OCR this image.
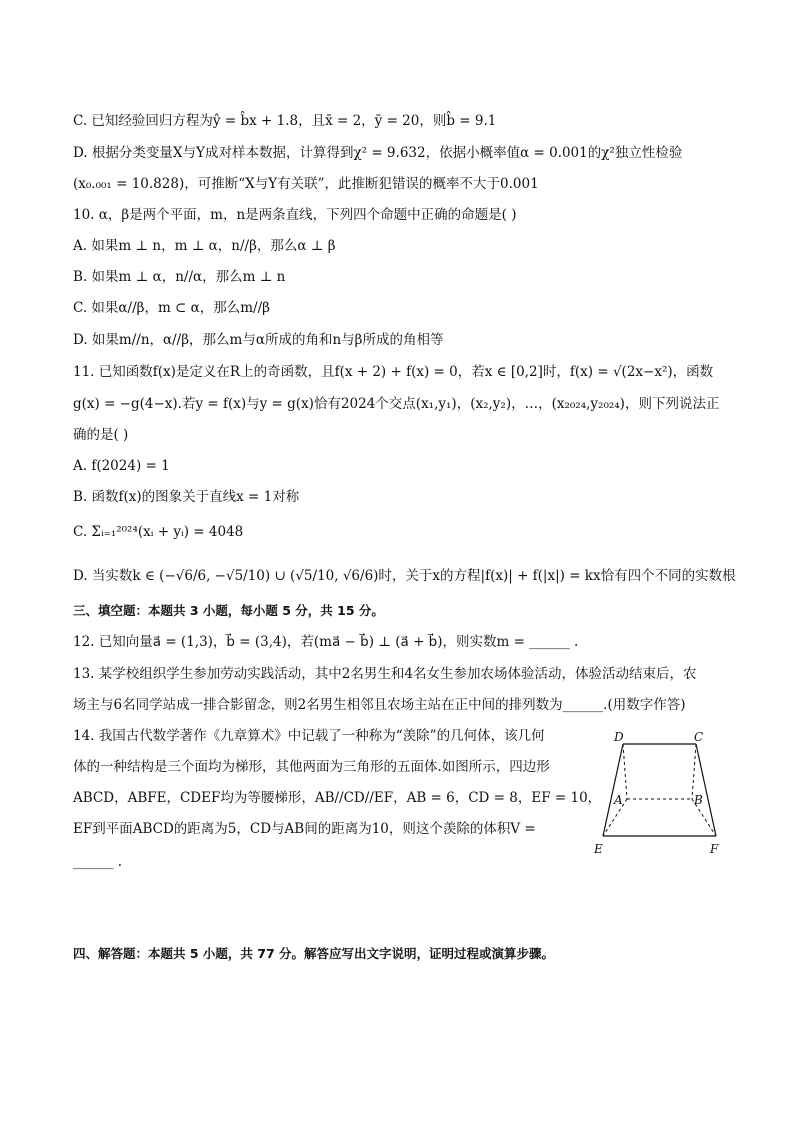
C. 已知经验回归方程为ŷ = b̂x + 1.8，且x̄ = 2，ȳ = 20，则b̂ = 9.1
D. 根据分类变量X与Y成对样本数据，计算得到χ² = 9.632，依据小概率值α = 0.001的χ²独立性检验
(x₀.₀₀₁ = 10.828)，可推断“X与Y有关联”，此推断犯错误的概率不大于0.001
10. α，β是两个平面，m，n是两条直线，下列四个命题中正确的命题是( )
A. 如果m ⊥ n，m ⊥ α，n//β，那么α ⊥ β
B. 如果m ⊥ α，n//α，那么m ⊥ n
C. 如果α//β，m ⊂ α，那么m//β
D. 如果m//n，α//β，那么m与α所成的角和n与β所成的角相等
11. 已知函数f(x)是定义在R上的奇函数，且f(x + 2) + f(x) = 0，若x ∈ [0,2]时，f(x) = √(2x−x²)，函数
g(x) = −g(4−x).若y = f(x)与y = g(x)恰有2024个交点(x₁,y₁)，(x₂,y₂)，…，(x₂₀₂₄,y₂₀₂₄)，则下列说法正
确的是( )
A. f(2024) = 1
B. 函数f(x)的图象关于直线x = 1对称
C. Σᵢ₌₁²⁰²⁴(xᵢ + yᵢ) = 4048
D. 当实数k ∈ (−√6/6, −√5/10) ∪ (√5/10, √6/6)时，关于x的方程|f(x)| + f(|x|) = kx恰有四个不同的实数根
三、填空题：本题共 3 小题，每小题 5 分，共 15 分。
12. 已知向量a⃗ = (1,3)，b⃗ = (3,4)，若(ma⃗ − b⃗) ⊥ (a⃗ + b⃗)，则实数m = ______ .
13. 某学校组织学生参加劳动实践活动，其中2名男生和4名女生参加农场体验活动，体验活动结束后，农
场主与6名同学站成一排合影留念，则2名男生相邻且农场主站在正中间的排列数为______.(用数字作答)
14. 我国古代数学著作《九章算术》中记载了一种称为“羡除”的几何体，该几何
体的一种结构是三个面均为梯形，其他两面为三角形的五面体.如图所示，四边形
ABCD，ABFE，CDEF均为等腰梯形，AB//CD//EF，AB = 6，CD = 8，EF = 10，
EF到平面ABCD的距离为5，CD与AB间的距离为10，则这个羡除的体积V =
______ .
D	C
A	B
E	F
四、解答题：本题共 5 小题，共 77 分。解答应写出文字说明，证明过程或演算步骤。
